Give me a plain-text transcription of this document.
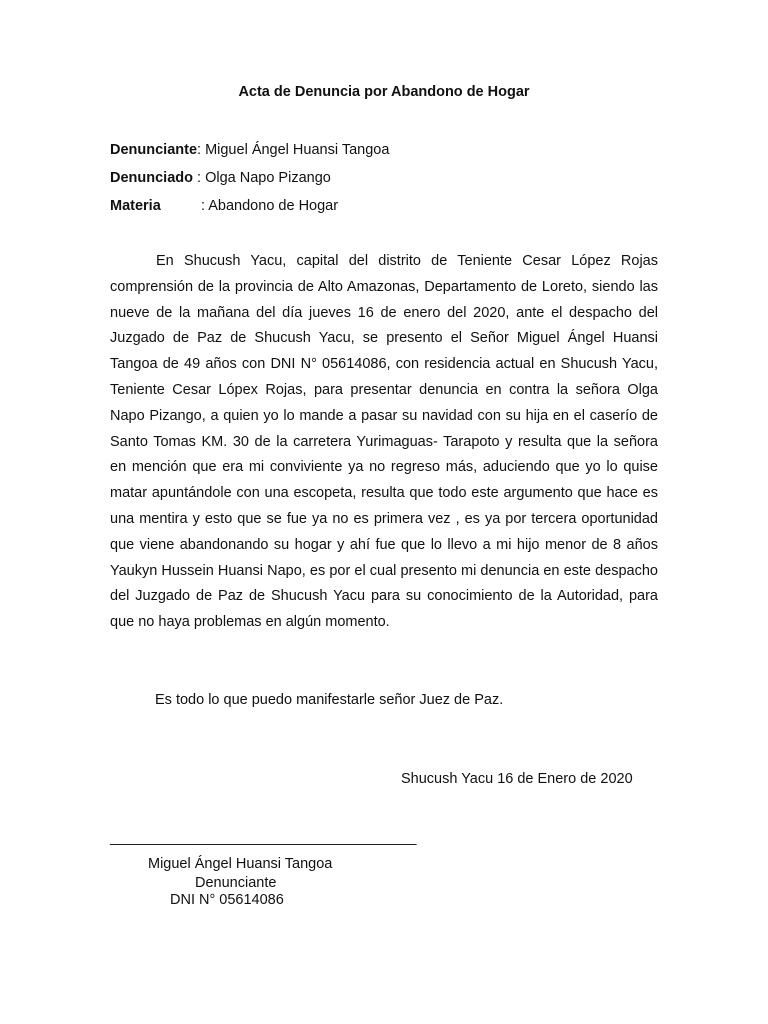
Acta de Denuncia por Abandono de Hogar
Denunciante: Miguel Ángel Huansi Tangoa
Denunciado : Olga Napo Pizango
Materia	: Abandono de Hogar

En Shucush Yacu, capital del distrito de Teniente Cesar López Rojas comprensión de la provincia de Alto Amazonas, Departamento de Loreto, siendo las nueve de la mañana del día jueves 16 de enero del 2020, ante el despacho del Juzgado de Paz de Shucush Yacu, se presento el Señor Miguel Ángel Huansi Tangoa de 49 años con DNI N° 05614086, con residencia actual en Shucush Yacu, Teniente Cesar Lópex Rojas, para presentar denuncia en contra la señora Olga Napo Pizango, a quien yo lo mande a pasar su navidad con su hija en el caserío de Santo Tomas KM. 30 de la carretera Yurimaguas- Tarapoto y resulta que la señora en mención que era mi conviviente ya no regreso más, aduciendo que yo lo quise matar apuntándole con una escopeta, resulta que todo este argumento que hace es una mentira y esto que se fue ya no es primera vez , es ya por tercera oportunidad que viene abandonando su hogar y ahí fue que lo llevo a mi hijo menor de 8 años Yaukyn Hussein Huansi Napo, es por el cual presento mi denuncia en este despacho del Juzgado de Paz de Shucush Yacu para su conocimiento de la Autoridad, para que no haya problemas en algún momento.

Es todo lo que puedo manifestarle señor Juez de Paz.
Shucush Yacu 16 de Enero de 2020
______________________________________
Miguel Ángel Huansi Tangoa
Denunciante
DNI N° 05614086
